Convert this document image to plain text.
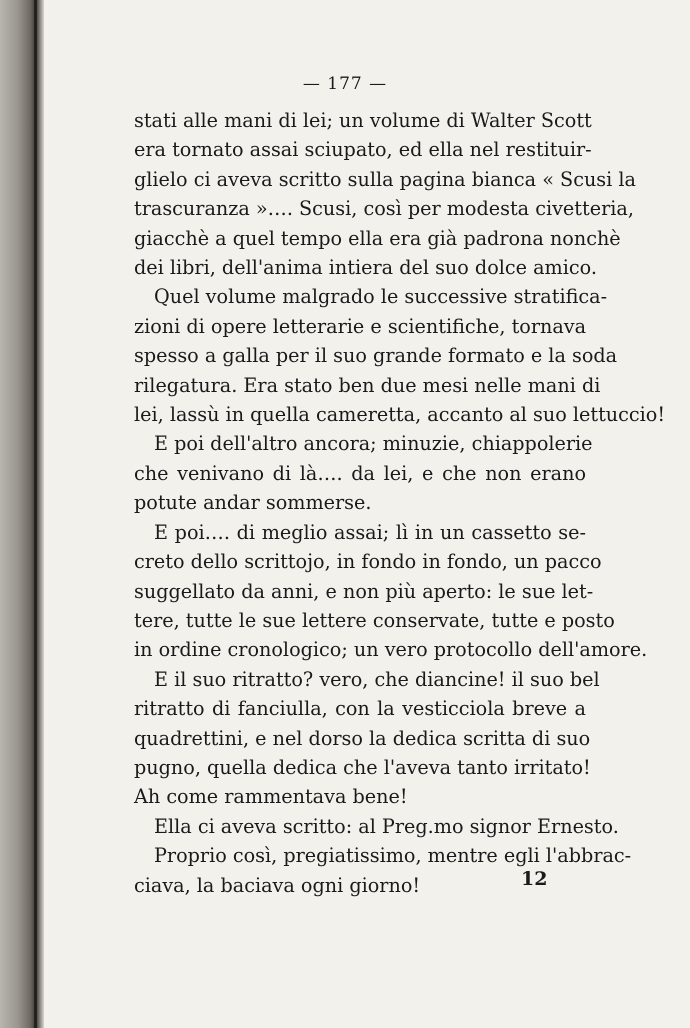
— 177 —
stati alle mani di lei; un volume di Walter Scott
era tornato assai sciupato, ed ella nel restituir-
glielo ci aveva scritto sulla pagina bianca « Scusi la
trascuranza »…. Scusi, così per modesta civetteria,
giacchè a quel tempo ella era già padrona nonchè
dei libri, dell'anima intiera del suo dolce amico.
Quel volume malgrado le successive stratifica-
zioni di opere letterarie e scientifiche, tornava
spesso a galla per il suo grande formato e la soda
rilegatura. Era stato ben due mesi nelle mani di
lei, lassù in quella cameretta, accanto al suo lettuccio!
E poi dell'altro ancora; minuzie, chiappolerie
che venivano di là…. da lei, e che non erano
potute andar sommerse.
E poi…. di meglio assai; lì in un cassetto se-
creto dello scrittojo, in fondo in fondo, un pacco
suggellato da anni, e non più aperto: le sue let-
tere, tutte le sue lettere conservate, tutte e posto
in ordine cronologico; un vero protocollo dell'amore.
E il suo ritratto? vero, che diancine! il suo bel
ritratto di fanciulla, con la vesticciola breve a
quadrettini, e nel dorso la dedica scritta di suo
pugno, quella dedica che l'aveva tanto irritato!
Ah come rammentava bene!
Ella ci aveva scritto: al Preg.mo signor Ernesto.
Proprio così, pregiatissimo, mentre egli l'abbrac-
ciava, la baciava ogni giorno!	12
